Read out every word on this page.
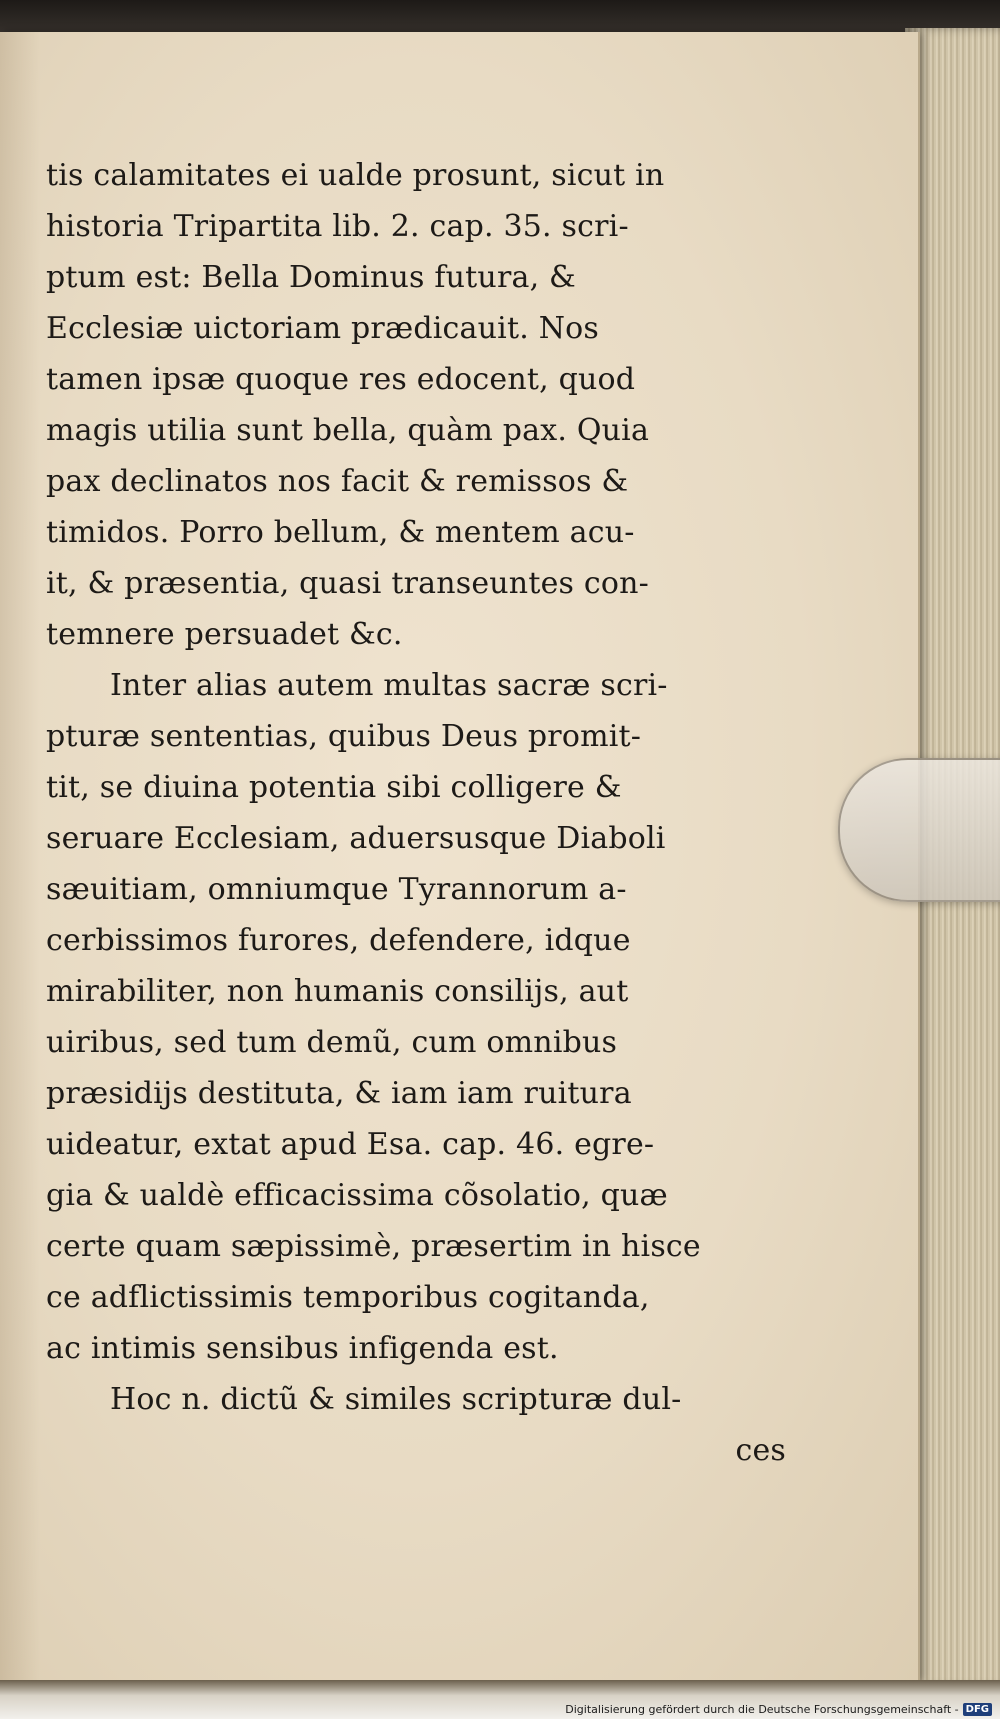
tis calamitates ei ualde prosunt, sicut in
historia Tripartita lib. 2. cap. 35. scri-
ptum est: Bella Dominus futura, &
Ecclesiæ uictoriam prædicauit. Nos
tamen ipsæ quoque res edocent, quod
magis utilia sunt bella, quàm pax. Quia
pax declinatos nos facit & remissos &
timidos. Porro bellum, & mentem acu-
it, & præsentia, quasi transeuntes con-
temnere persuadet &c.
Inter alias autem multas sacræ scri-
pturæ sententias, quibus Deus promit-
tit, se diuina potentia sibi colligere &
seruare Ecclesiam, aduersusque Diaboli
sæuitiam, omniumque Tyrannorum a-
cerbissimos furores, defendere, idque
mirabiliter, non humanis consilijs, aut
uiribus, sed tum demũ, cum omnibus
præsidijs destituta, & iam iam ruitura
uideatur, extat apud Esa. cap. 46. egre-
gia & ualdè efficacissima cõsolatio, quæ
certe quam sæpissimè, præsertim in hisce
ce adflictissimis temporibus cogitanda,
ac intimis sensibus infigenda est.
Hoc n. dictũ & similes scripturæ dul-
ces
Digitalisierung gefördert durch die Deutsche Forschungsgemeinschaft - DFG
